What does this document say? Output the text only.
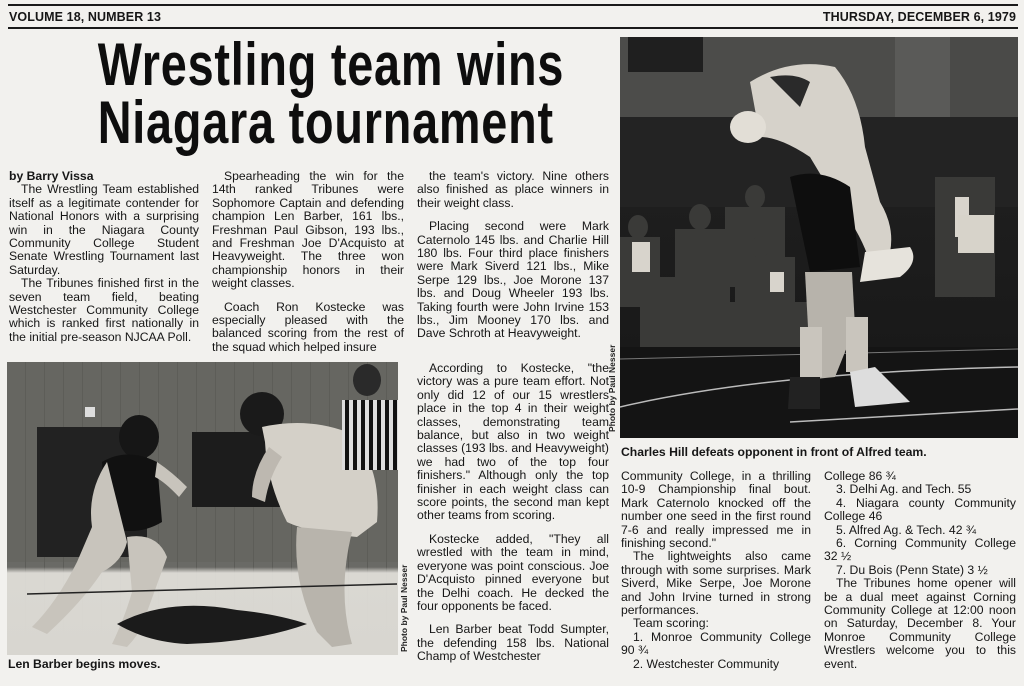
VOLUME 18, NUMBER 13	THURSDAY, DECEMBER 6, 1979
Wrestling team wins
Niagara tournament

by Barry Vissa

The Wrestling Team established itself as a legitimate contender for National Honors with a surprising win in the Niagara County Community College Student Senate Wrestling Tournament last Saturday.

The Tribunes finished first in the seven team field, beating Westchester Community College which is ranked first nationally in the initial pre-season NJCAA Poll.

Spearheading the win for the 14th ranked Tribunes were Sophomore Captain and defending champion Len Barber, 161 lbs., Freshman Paul Gibson, 193 lbs., and Freshman Joe D'Acquisto at Heavyweight. The three won championship honors in their weight classes.

Coach Ron Kostecke was especially pleased with the balanced scoring from the rest of the squad which helped insure

the team's victory. Nine others also finished as place winners in their weight class.

Placing second were Mark Caternolo 145 lbs. and Charlie Hill 180 lbs. Four third place finishers were Mark Siverd 121 lbs., Mike Serpe 129 lbs., Joe Morone 137 lbs. and Doug Wheeler 193 lbs. Taking fourth were John Irvine 153 lbs., Jim Mooney 170 lbs. and Dave Schroth at Heavyweight.

According to Kostecke, "the victory was a pure team effort. Not only did 12 of our 15 wrestlers place in the top 4 in their weight classes, demonstrating team balance, but also in two weight classes (193 lbs. and Heavyweight) we had two of the top four finishers." Although only the top finisher in each weight class can score points, the second man kept other teams from scoring.

Kostecke added, "They all wrestled with the team in mind, everyone was point conscious. Joe D'Acquisto pinned everyone but the Delhi coach. He decked the four opponents be faced.

Len Barber beat Todd Sumpter, the defending 158 lbs. National Champ of Westchester

Community College, in a thrilling 10-9 Championship final bout. Mark Caternolo knocked off the number one seed in the first round 7-6 and really impressed me in finishing second."

The lightweights also came through with some surprises. Mark Siverd, Mike Serpe, Joe Morone and John Irvine turned in strong performances.

Team scoring:

1. Monroe Community College 90 ¾

2. Westchester Community

College 86 ¾

3. Delhi Ag. and Tech. 55

4. Niagara county Community College 46

5. Alfred Ag. & Tech. 42 ¾

6. Corning Community College 32 ½

7. Du Bois (Penn State) 3 ½

The Tribunes home opener will be a dual meet against Corning Community College at 12:00 noon on Saturday, December 8. Your Monroe Community College Wrestlers welcome you to this event.

Photo by Paul Nesser
Len Barber begins moves.
Photo by Paul Nesser
Charles Hill defeats opponent in front of Alfred team.
